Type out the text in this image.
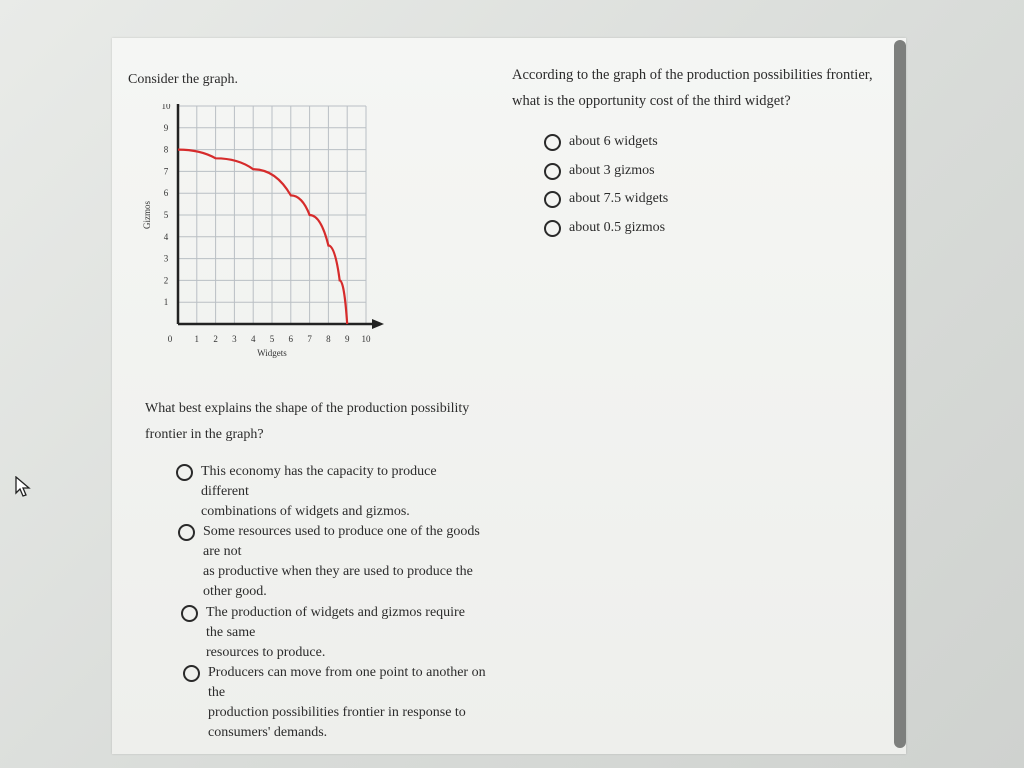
Consider the graph.
0 1 2 3 4 5 6 7 8 9 10
1
2
3
4
5
6
7
8
9
10
Widgets
Gizmos
What best explains the shape of the production possibility frontier in the graph?
This economy has the capacity to produce
different
combinations of widgets and gizmos.
Some resources used to produce one of the goods
are not
as productive when they are used to produce the
other good.
The production of widgets and gizmos require
the same
resources to produce.
Producers can move from one point to another on
the
production possibilities frontier in response to
consumers' demands.
According to the graph of the production possibilities frontier, what is the opportunity cost of the third widget?
about 6 widgets
about 3 gizmos
about 7.5 widgets
about 0.5 gizmos
